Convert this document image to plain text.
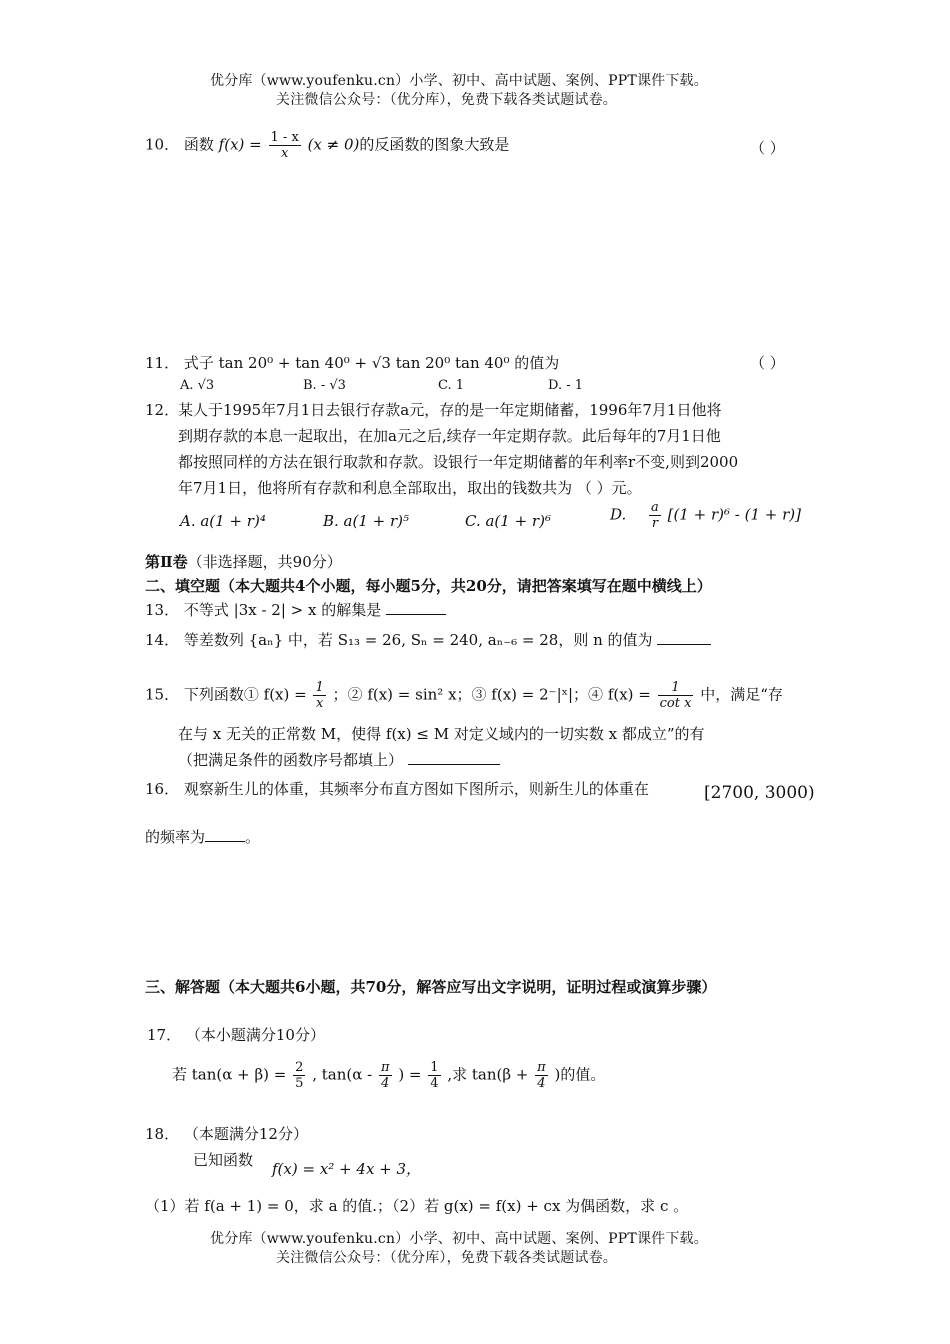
优分库（www.youfenku.cn）小学、初中、高中试题、案例、PPT课件下载。
关注微信公众号：（优分库），免费下载各类试题试卷。
10． 函数 $f(x) = \frac{1 - x}{x} (x \ne 0)$的反函数的图象大致是	（ ）
11． 式子 tan 20⁰ + tan 40⁰ + √3 tan 20⁰ tan 40⁰ 的值为	（ ）
A. √3	B. - √3	C. 1	D. - 1
12．
某人于1995年7月1日去银行存款a元，存的是一年定期储蓄，1996年7月1日他将
到期存款的本息一起取出，在加a元之后,续存一年定期存款。此后每年的7月1日他
都按照同样的方法在银行取款和存款。设银行一年定期储蓄的年利率r不变,则到2000
年7月1日，他将所有存款和利息全部取出，取出的钱数共为 （ ）元。
A. a(1 + r)⁴	B. a(1 + r)⁵	C. a(1 + r)⁶	D. $\frac{a}{r} [(1 + r)^6 - (1 + r)]$
第Ⅱ卷（非选择题，共90分）
二、填空题（本大题共4个小题，每小题5分，共20分，请把答案填写在题中横线上）
13． 不等式 |3x - 2| > x 的解集是
14． 等差数列 {aₙ} 中，若 S₁₃ = 26, Sₙ = 240, aₙ₋₆ = 28，则 n 的值为
15． 下列函数① $f(x) = \frac{1}{x}$ ；② f(x) = sin² x；③ f(x) = 2⁻|ˣ|；④ $f(x) = \frac{1}{\text{cot x}}$ 中，满足“存
在与 x 无关的正常数 M，使得 f(x) ≤ M 对定义域内的一切实数 x 都成立”的有
（把满足条件的函数序号都填上）
16． 观察新生儿的体重，其频率分布直方图如下图所示，则新生儿的体重在	[2700, 3000)
的频率为	。
三、解答题（本大题共6小题，共70分，解答应写出文字说明，证明过程或演算步骤）
17． （本小题满分10分）
若 $\tan(\alpha + \beta) = \frac{2}{5}$ , $\tan(\alpha - \frac{\pi}{4}$ ) = $\frac{1}{4}$ ,求 $\tan(\beta + \frac{\pi}{4}$ )的值。
18． （本题满分12分）
已知函数 f(x) = x² + 4x + 3，
（1）若 f(a + 1) = 0，求 a 的值.；（2）若 g(x) = f(x) + cx 为偶函数，求 c 。
优分库（www.youfenku.cn）小学、初中、高中试题、案例、PPT课件下载。
关注微信公众号：（优分库），免费下载各类试题试卷。
